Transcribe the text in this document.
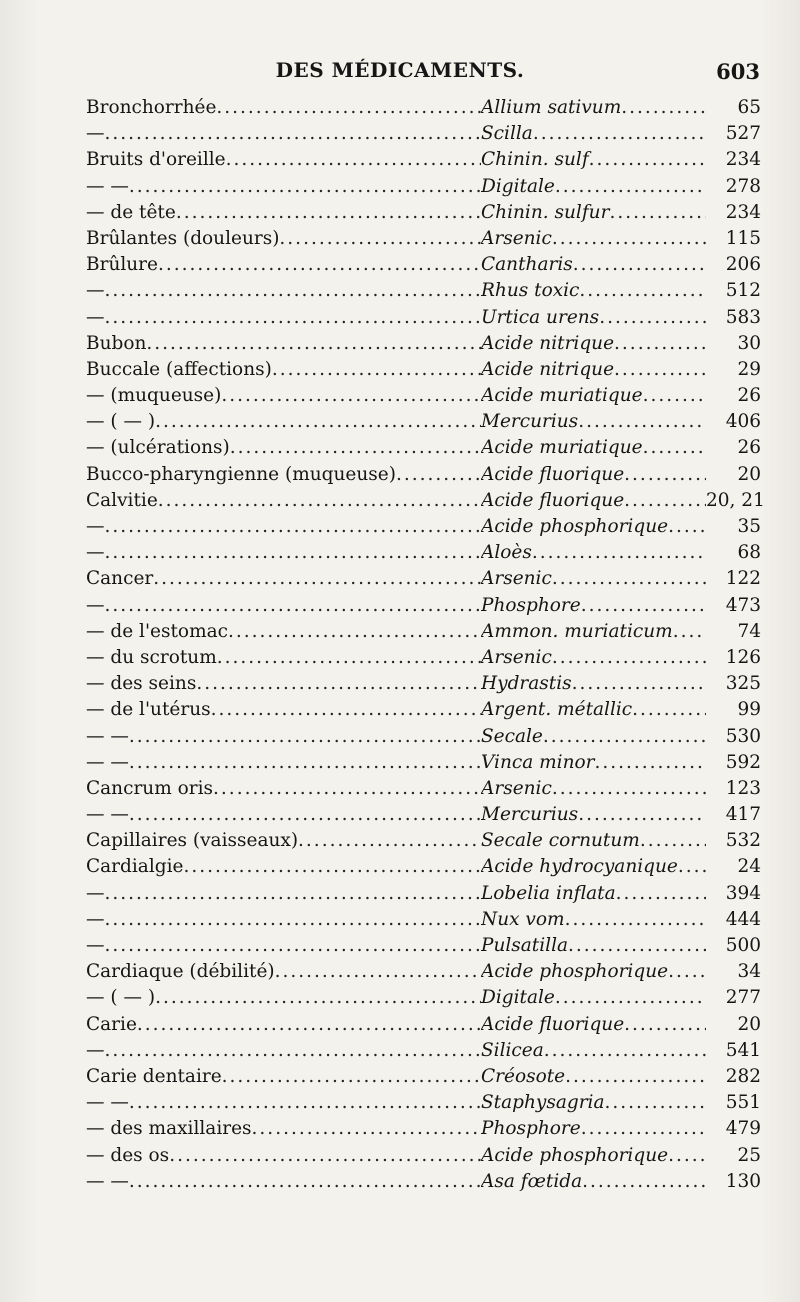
DES MÉDICAMENTS.	603
Bronchorrhée .....	Allium sativum .....	65
— .....	Scilla .....	527
Bruits d'oreille .....	Chinin. sulf .....	234
— — .....	Digitale .....	278
— de tête .....	Chinin. sulfur .....	234
Brûlantes (douleurs) .....	Arsenic .....	115
Brûlure .....	Cantharis .....	206
— .....	Rhus toxic .....	512
— .....	Urtica urens .....	583
Bubon .....	Acide nitrique .....	30
Buccale (affections) .....	Acide nitrique .....	29
— (muqueuse) .....	Acide muriatique .....	26
— ( — ) .....	Mercurius .....	406
— (ulcérations) .....	Acide muriatique .....	26
Bucco-pharyngienne (muqueuse) .....	Acide fluorique .....	20
Calvitie .....	Acide fluorique .....	20, 21
— .....	Acide phosphorique .....	35
— .....	Aloès .....	68
Cancer .....	Arsenic .....	122
— .....	Phosphore .....	473
— de l'estomac .....	Ammon. muriaticum .....	74
— du scrotum .....	Arsenic .....	126
— des seins .....	Hydrastis .....	325
— de l'utérus .....	Argent. métallic .....	99
— — .....	Secale .....	530
— — .....	Vinca minor .....	592
Cancrum oris .....	Arsenic .....	123
— — .....	Mercurius .....	417
Capillaires (vaisseaux) .....	Secale cornutum .....	532
Cardialgie .....	Acide hydrocyanique .....	24
— .....	Lobelia inflata .....	394
— .....	Nux vom .....	444
— .....	Pulsatilla .....	500
Cardiaque (débilité) .....	Acide phosphorique .....	34
— ( — ) .....	Digitale .....	277
Carie .....	Acide fluorique .....	20
— .....	Silicea .....	541
Carie dentaire .....	Créosote .....	282
— — .....	Staphysagria .....	551
— des maxillaires .....	Phosphore .....	479
— des os .....	Acide phosphorique .....	25
— — .....	Asa fœtida .....	130
